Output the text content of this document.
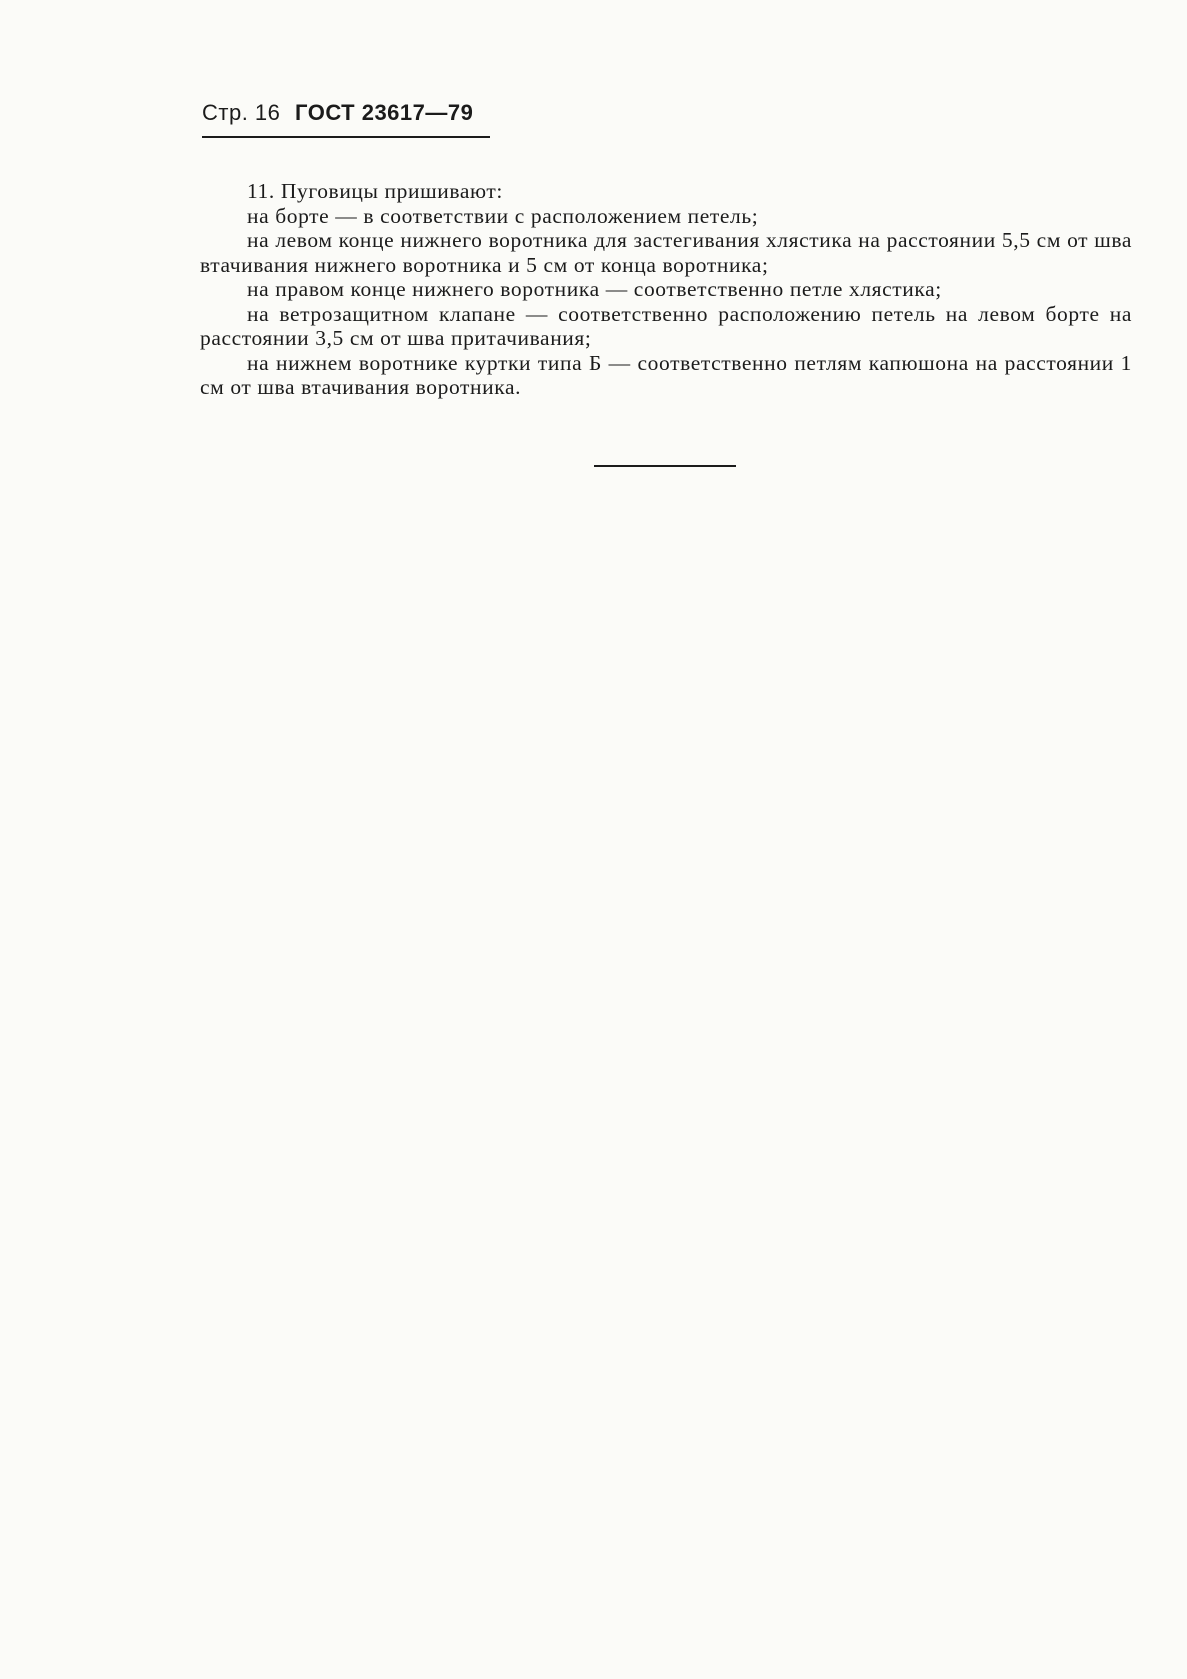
Стр. 16 ГОСТ 23617—79

11. Пуговицы пришивают:

на борте — в соответствии с расположением петель;

на левом конце нижнего воротника для застегивания хлястика на расстоянии 5,5 см от шва втачивания нижнего воротника и 5 см от конца воротника;

на правом конце нижнего воротника — соответственно петле хлястика;

на ветрозащитном клапане — соответственно расположению петель на левом борте на расстоянии 3,5 см от шва притачивания;

на нижнем воротнике куртки типа Б — соответственно петлям капюшона на расстоянии 1 см от шва втачивания воротника.
